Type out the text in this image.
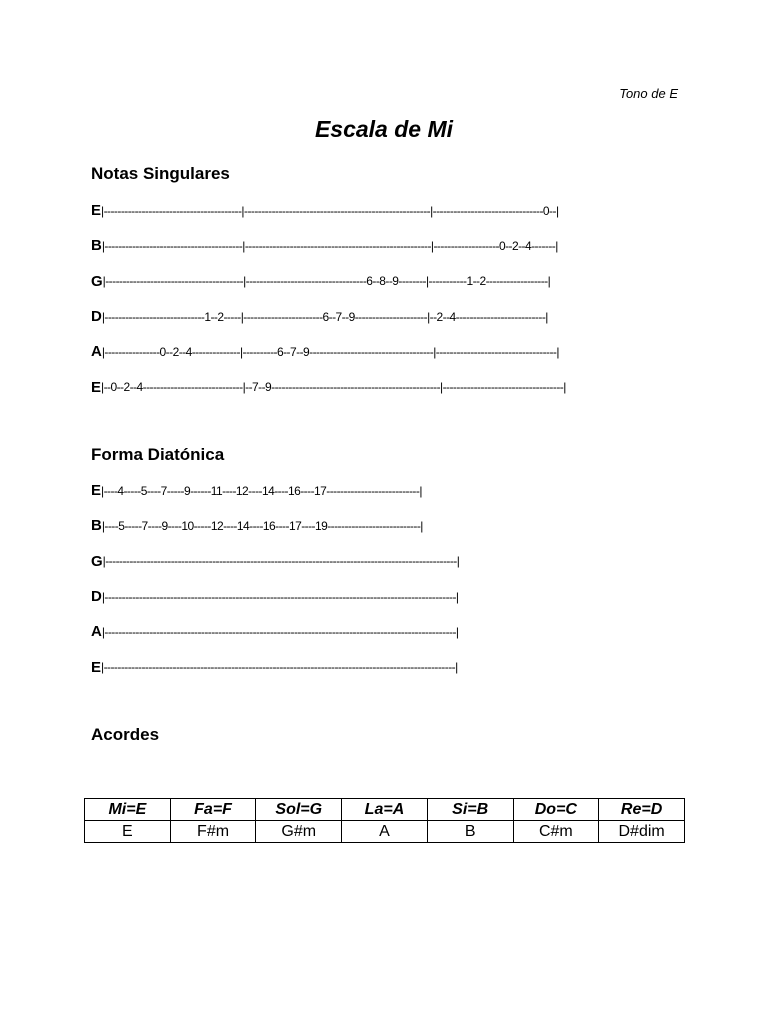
Tono de E
Escala de Mi
Notas Singulares
E |----------------------------------------|------------------------------------------------------|--------------------------------0--|
B |----------------------------------------|------------------------------------------------------|-------------------0--2--4-------|
G |----------------------------------------|-----------------------------------6--8--9--------|-----------1--2------------------|
D |-----------------------------1--2-----|-----------------------6--7--9---------------------|--2--4--------------------------|
A |----------------0--2--4--------------|----------6--7--9------------------------------------|-----------------------------------|
E |--0--2--4-----------------------------|--7--9-------------------------------------------------|-----------------------------------|
Forma Diatónica
E |----4-----5----7-----9------11----12----14----16----17---------------------------|
B |----5-----7----9----10-----12----14----16----17----19---------------------------|
G |------------------------------------------------------------------------------------------------------|
D |------------------------------------------------------------------------------------------------------|
A |------------------------------------------------------------------------------------------------------|
E |------------------------------------------------------------------------------------------------------|
Acordes
Mi=E	Fa=F	Sol=G	La=A	Si=B	Do=C	Re=D
E	F#m	G#m	A	B	C#m	D#dim
